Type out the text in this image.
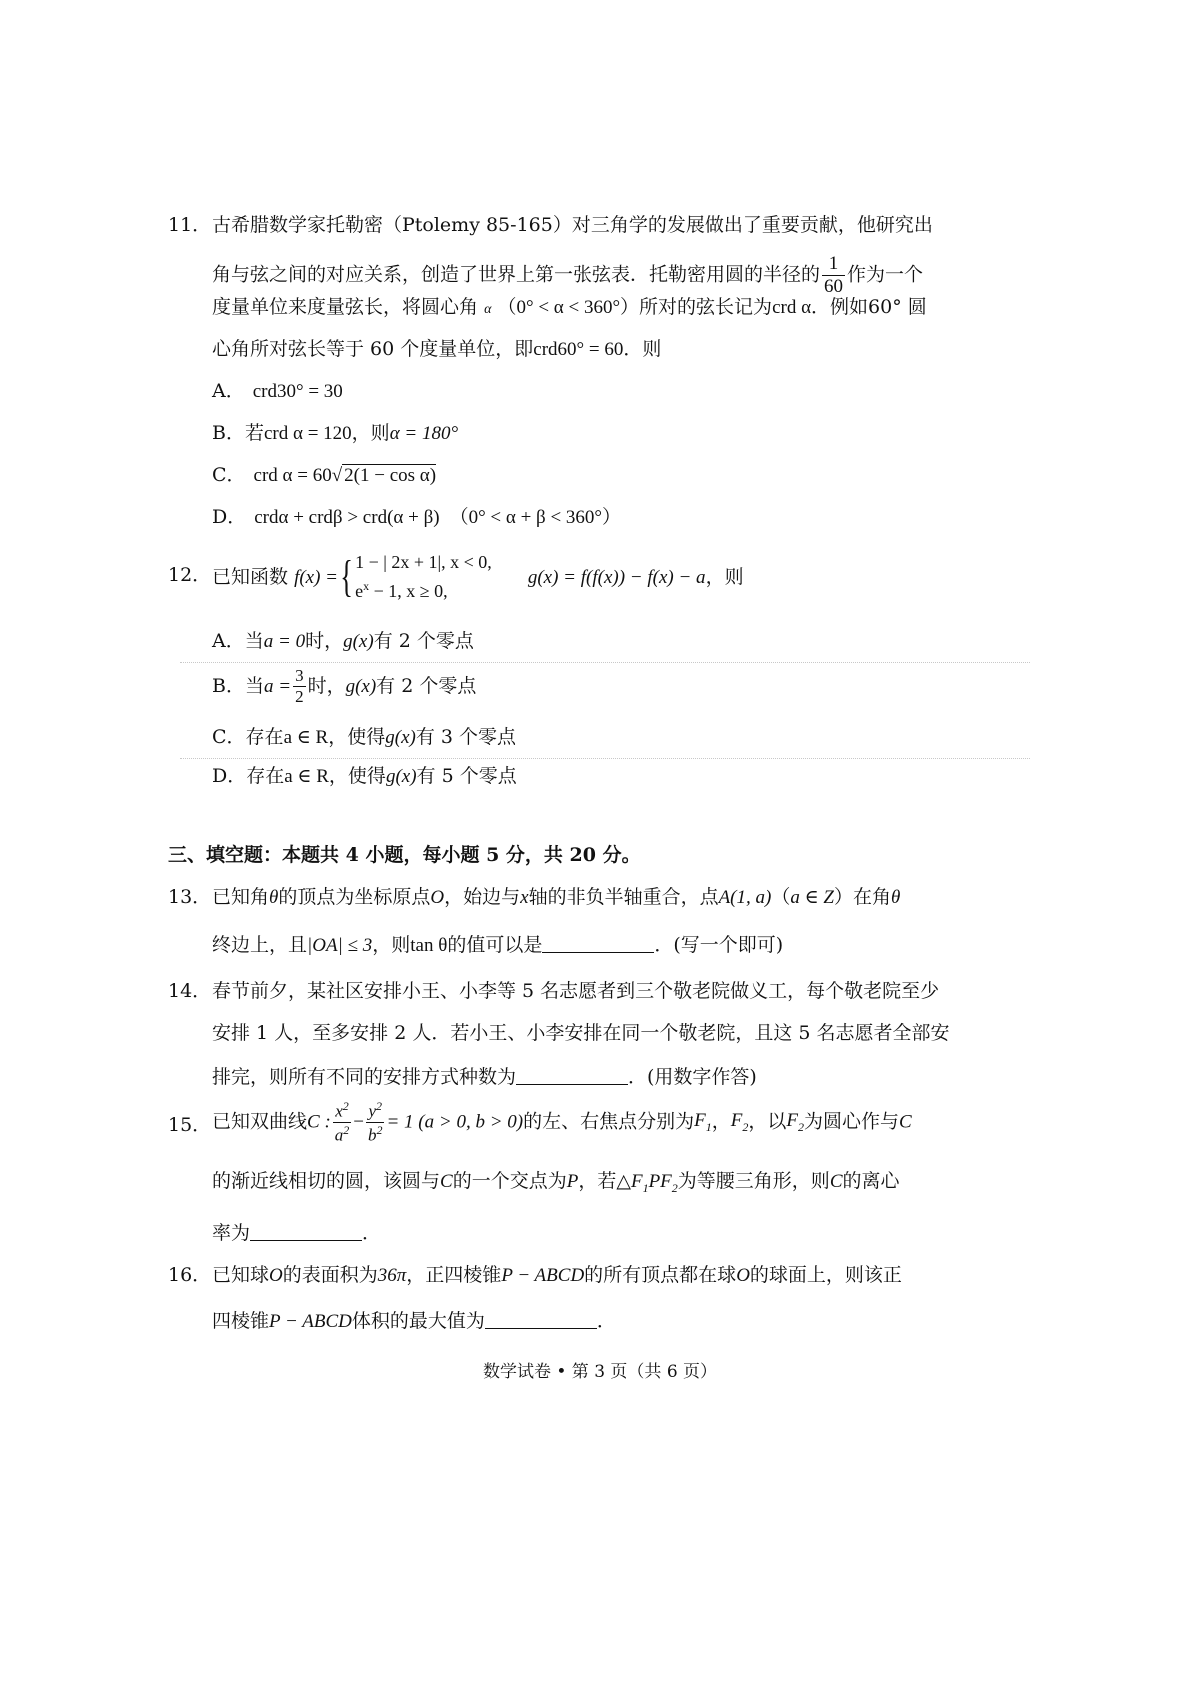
11． 古希腊数学家托勒密（Ptolemy 85-165）对三角学的发展做出了重要贡献，他研究出
角与弦之间的对应关系，创造了世界上第一张弦表．托勒密用圆的半径的 $\frac{1}{60}$ 作为一个
度量单位来度量弦长，将圆心角 α （0° < α < 360°）所对的弦长记为crd α．例如60° 圆
心角所对弦长等于 60 个度量单位，即crd60° = 60．则
A． crd30° = 30
B．若crd α = 120，则α = 180°
C． crd α = 60√ 2(1 − cos α)
D． crdα + crdβ > crd(α + β) （0° < α + β < 360°）
12． 已知函数 f(x) ={ 1 − | 2x + 1|, x < 0,
$e^x - 1$, x ≥ 0,
g(x) = f(f(x)) − f(x) − a，则
A．当a = 0时，g(x)有 2 个零点
B．当$a = \frac{3}{2}$ 时，g(x)有 2 个零点
C．存在a ∈ R，使得g(x)有 3 个零点
D．存在a ∈ R，使得g(x)有 5 个零点
三、填空题：本题共 4 小题，每小题 5 分，共 20 分。
13． 已知角θ的顶点为坐标原点O，始边与x轴的非负半轴重合，点A(1, a)（a ∈ Z）在角θ
终边上，且|OA| ≤ 3，则tan θ的值可以是	．(写一个即可)
14． 春节前夕，某社区安排小王、小李等 5 名志愿者到三个敬老院做义工，每个敬老院至少
安排 1 人，至多安排 2 人．若小王、小李安排在同一个敬老院，且这 5 名志愿者全部安
排完，则所有不同的安排方式种数为	．(用数字作答)
15． 已知双曲线C : $\frac{x^2}{a^2} - \frac{y^2}{b^2} = 1$ (a > 0, b > 0)的左、右焦点分别为$F_1$，$F_2$，以$F_2$为圆心作与C
的渐近线相切的圆，该圆与C的一个交点为P，若$\triangle F_1PF_2$为等腰三角形，则C的离心
率为	．
16． 已知球O的表面积为36π，正四棱锥P − ABCD的所有顶点都在球O的球面上，则该正
四棱锥P − ABCD体积的最大值为	．
数学试卷 • 第 3 页（共 6 页）
